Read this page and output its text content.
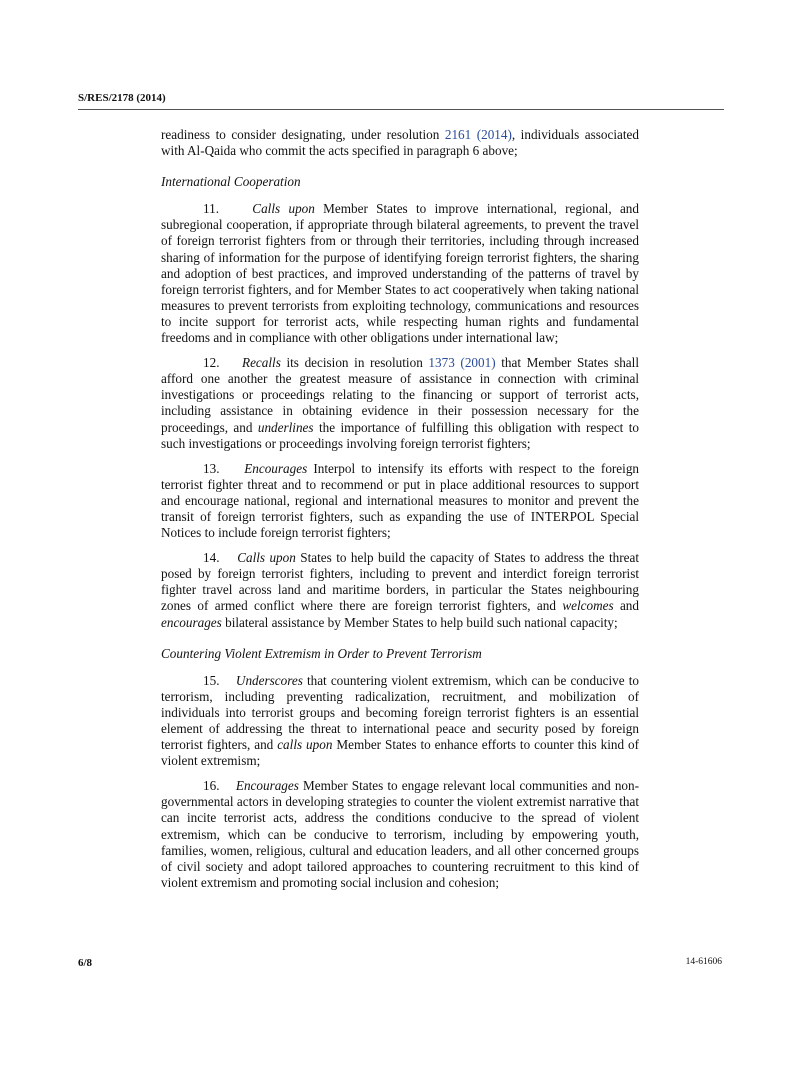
S/RES/2178 (2014)

readiness to consider designating, under resolution 2161 (2014), individuals associated with Al-Qaida who commit the acts specified in paragraph 6 above;

International Cooperation

11.	Calls upon Member States to improve international, regional, and subregional cooperation, if appropriate through bilateral agreements, to prevent the travel of foreign terrorist fighters from or through their territories, including through increased sharing of information for the purpose of identifying foreign terrorist fighters, the sharing and adoption of best practices, and improved understanding of the patterns of travel by foreign terrorist fighters, and for Member States to act cooperatively when taking national measures to prevent terrorists from exploiting technology, communications and resources to incite support for terrorist acts, while respecting human rights and fundamental freedoms and in compliance with other obligations under international law;

12. Recalls its decision in resolution 1373 (2001) that Member States shall afford one another the greatest measure of assistance in connection with criminal investigations or proceedings relating to the financing or support of terrorist acts, including assistance in obtaining evidence in their possession necessary for the proceedings, and underlines the importance of fulfilling this obligation with respect to such investigations or proceedings involving foreign terrorist fighters;

13. Encourages Interpol to intensify its efforts with respect to the foreign terrorist fighter threat and to recommend or put in place additional resources to support and encourage national, regional and international measures to monitor and prevent the transit of foreign terrorist fighters, such as expanding the use of INTERPOL Special Notices to include foreign terrorist fighters;

14. Calls upon States to help build the capacity of States to address the threat posed by foreign terrorist fighters, including to prevent and interdict foreign terrorist fighter travel across land and maritime borders, in particular the States neighbouring zones of armed conflict where there are foreign terrorist fighters, and welcomes and encourages bilateral assistance by Member States to help build such national capacity;

Countering Violent Extremism in Order to Prevent Terrorism

15. Underscores that countering violent extremism, which can be conducive to terrorism, including preventing radicalization, recruitment, and mobilization of individuals into terrorist groups and becoming foreign terrorist fighters is an essential element of addressing the threat to international peace and security posed by foreign terrorist fighters, and calls upon Member States to enhance efforts to counter this kind of violent extremism;

16. Encourages Member States to engage relevant local communities and non-governmental actors in developing strategies to counter the violent extremist narrative that can incite terrorist acts, address the conditions conducive to the spread of violent extremism, which can be conducive to terrorism, including by empowering youth, families, women, religious, cultural and education leaders, and all other concerned groups of civil society and adopt tailored approaches to countering recruitment to this kind of violent extremism and promoting social inclusion and cohesion;

6/8	14-61606
